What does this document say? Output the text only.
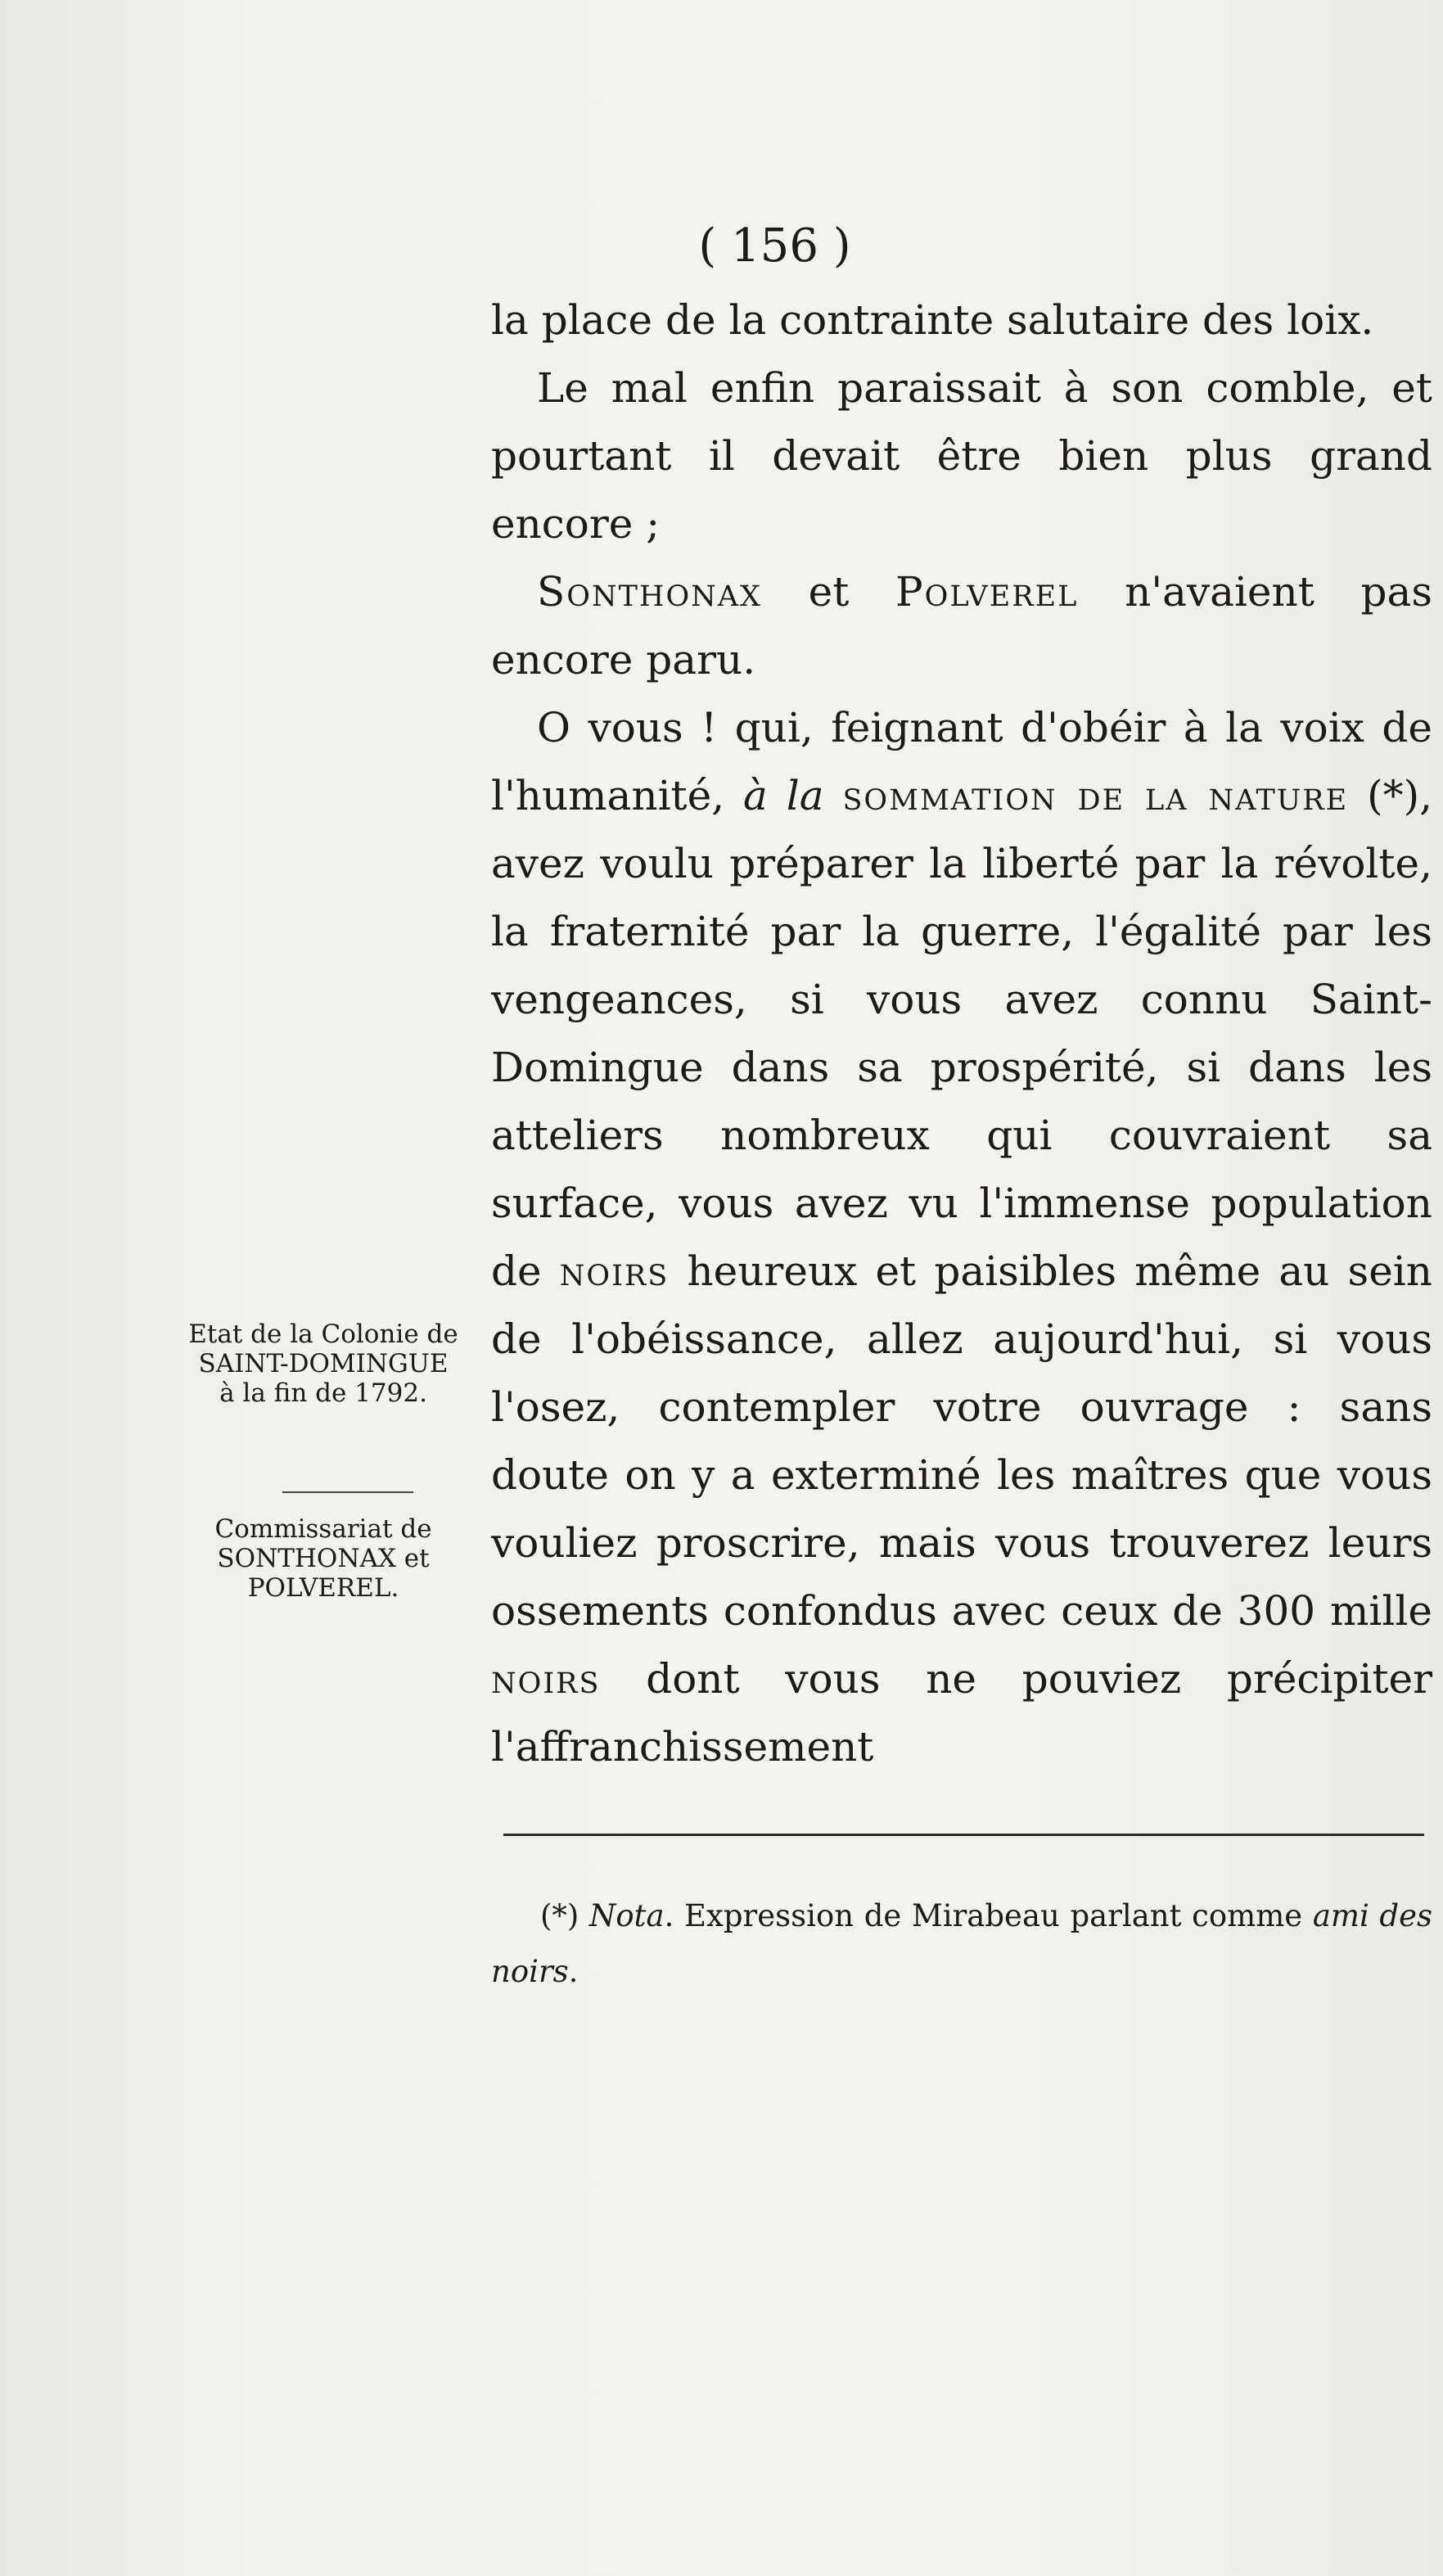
( 156 )
Etat de la Colonie de SAINT-DOMINGUE à la fin de 1792.
Commissariat de SONTHONAX et POLVEREL.

la place de la contrainte salutaire des loix.

Le mal enfin paraissait à son comble, et pourtant il devait être bien plus grand encore ;

Sonthonax et Polverel n'avaient pas encore paru.

O vous ! qui, feignant d'obéir à la voix de l'humanité, à la sommation de la nature (*), avez voulu préparer la liberté par la révolte, la fraternité par la guerre, l'égalité par les vengeances, si vous avez connu Saint-Domingue dans sa prospérité, si dans les atteliers nombreux qui couvraient sa surface, vous avez vu l'immense population de noirs heureux et paisibles même au sein de l'obéissance, allez aujourd'hui, si vous l'osez, contempler votre ouvrage : sans doute on y a exterminé les maîtres que vous vouliez proscrire, mais vous trouverez leurs ossements confondus avec ceux de 300 mille noirs dont vous ne pouviez précipiter l'affranchissement

(*) Nota. Expression de Mirabeau parlant comme ami des noirs.
